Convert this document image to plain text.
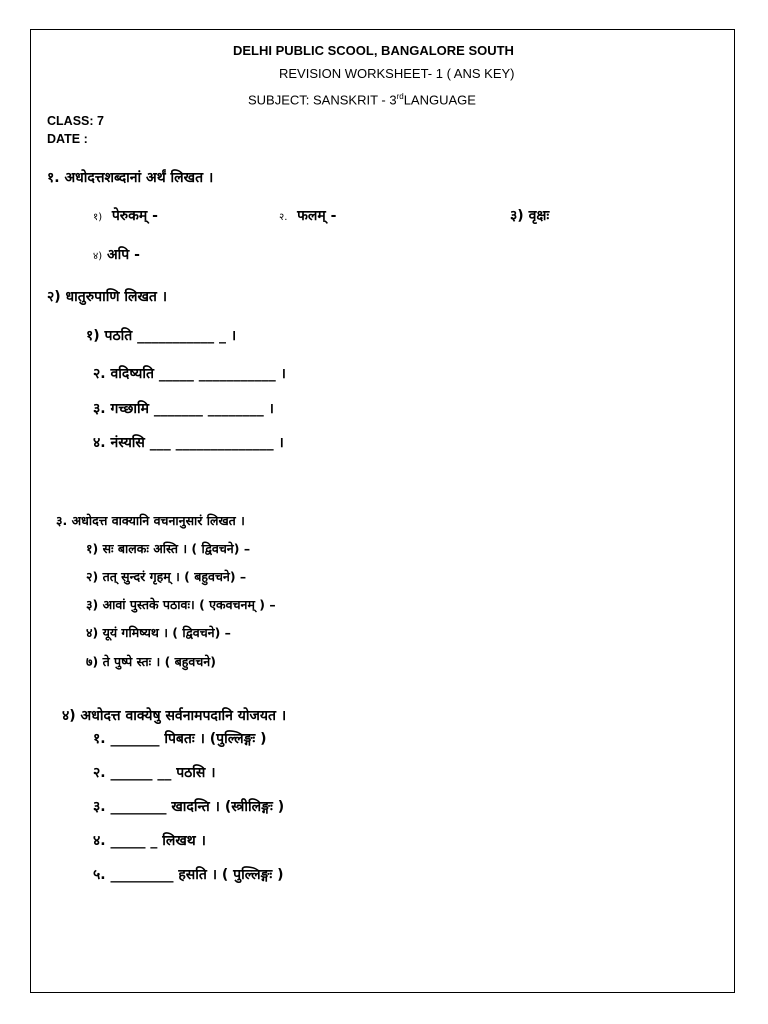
DELHI PUBLIC SCOOL, BANGALORE SOUTH
REVISION WORKSHEET- 1 ( ANS KEY)
SUBJECT: SANSKRIT - 3rdLANGUAGE
CLASS: 7
DATE :
१. अधोदत्तशब्दानां अर्थं लिखत ।
१) पेरुकम् -	२. फलम् -	३) वृक्षः
४) अपि -
२) धातुरुपाणि लिखत ।
१) पठति ___________ _ ।
२. वदिष्यति _____ ___________ ।
३. गच्छामि _______ ________ ।
४. नंस्यसि ___ ______________ ।
३. अधोदत्त वाक्यानि वचनानुसारं लिखत ।
१) सः बालकः अस्ति । ( द्विवचने) –
२) तत् सुन्दरं गृहम् । ( बहुवचने) –
३) आवां पुस्तके पठावः। ( एकवचनम् ) –
४) यूयं गमिष्यथ । ( द्विवचने) –
७) ते पुष्पे स्तः । ( बहुवचने)
४) अधोदत्त वाक्येषु सर्वनामपदानि योजयत ।
१. _______ पिबतः । (पुल्लिङ्गः )
२. ______ __ पठसि ।
३. ________ खादन्ति । (स्त्रीलिङ्गः )
४. _____ _ लिखथ ।
५. _________ हसति । ( पुल्लिङ्गः )
